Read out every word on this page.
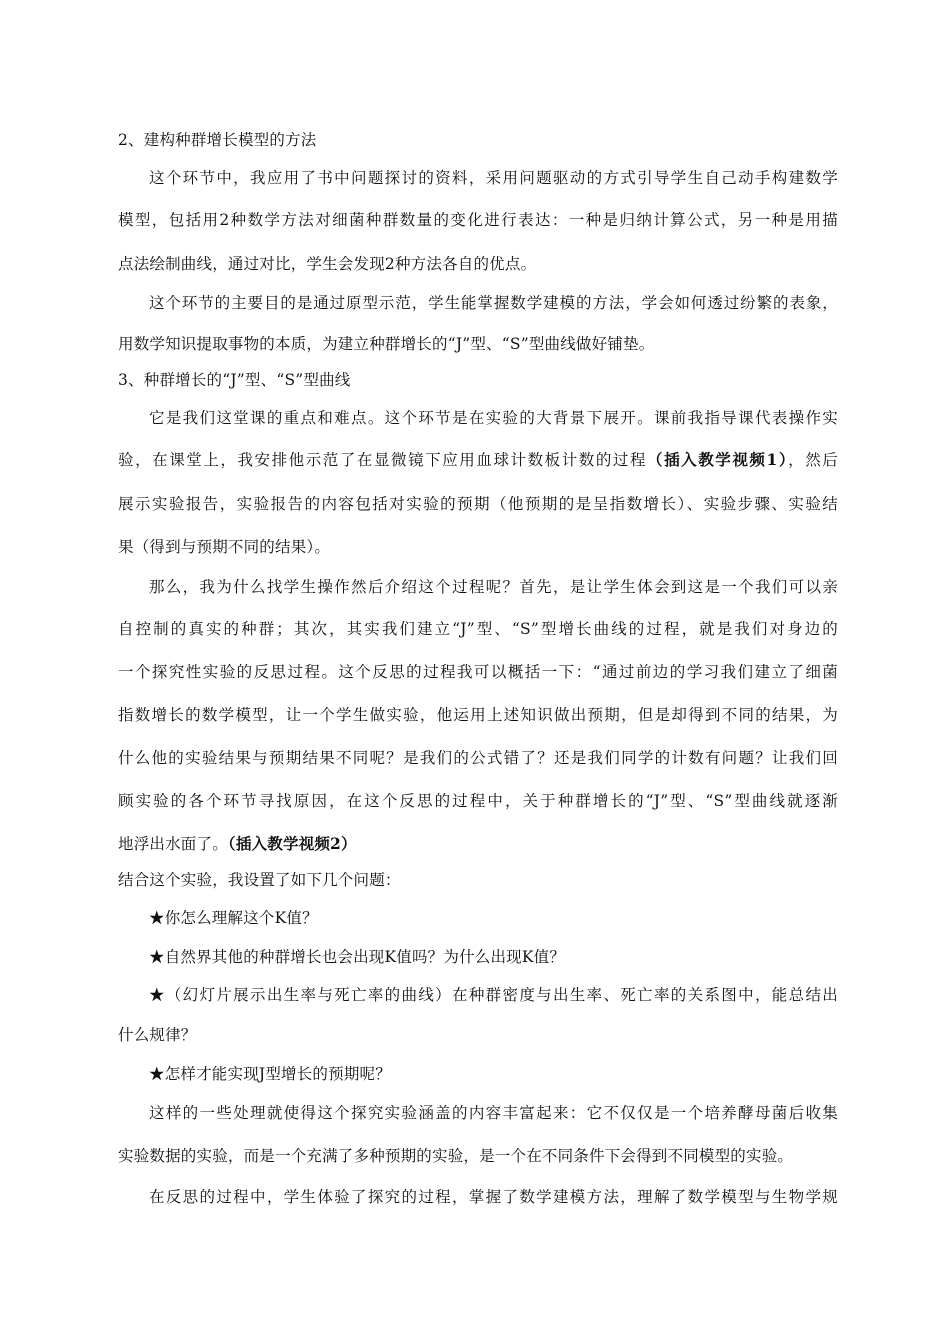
2、建构种群增长模型的方法
这个环节中，我应用了书中问题探讨的资料，采用问题驱动的方式引导学生自己动手构建数学
模型，包括用2种数学方法对细菌种群数量的变化进行表达：一种是归纳计算公式，另一种是用描
点法绘制曲线，通过对比，学生会发现2种方法各自的优点。
这个环节的主要目的是通过原型示范，学生能掌握数学建模的方法，学会如何透过纷繁的表象，
用数学知识提取事物的本质，为建立种群增长的“J”型、“S”型曲线做好铺垫。
3、种群增长的“J”型、“S”型曲线
它是我们这堂课的重点和难点。这个环节是在实验的大背景下展开。课前我指导课代表操作实
验，在课堂上，我安排他示范了在显微镜下应用血球计数板计数的过程（插入教学视频1），然后
展示实验报告，实验报告的内容包括对实验的预期（他预期的是呈指数增长）、实验步骤、实验结
果（得到与预期不同的结果）。
那么，我为什么找学生操作然后介绍这个过程呢？首先，是让学生体会到这是一个我们可以亲
自控制的真实的种群；其次，其实我们建立“J”型、“S”型增长曲线的过程，就是我们对身边的
一个探究性实验的反思过程。这个反思的过程我可以概括一下：“通过前边的学习我们建立了细菌
指数增长的数学模型，让一个学生做实验，他运用上述知识做出预期，但是却得到不同的结果，为
什么他的实验结果与预期结果不同呢？是我们的公式错了？还是我们同学的计数有问题？让我们回
顾实验的各个环节寻找原因，在这个反思的过程中，关于种群增长的“J”型、“S”型曲线就逐渐
地浮出水面了。（插入教学视频2）
结合这个实验，我设置了如下几个问题：
★你怎么理解这个K值？
★自然界其他的种群增长也会出现K值吗？为什么出现K值？
★（幻灯片展示出生率与死亡率的曲线）在种群密度与出生率、死亡率的关系图中，能总结出
什么规律？
★怎样才能实现J型增长的预期呢？
这样的一些处理就使得这个探究实验涵盖的内容丰富起来：它不仅仅是一个培养酵母菌后收集
实验数据的实验，而是一个充满了多种预期的实验，是一个在不同条件下会得到不同模型的实验。
在反思的过程中，学生体验了探究的过程，掌握了数学建模方法，理解了数学模型与生物学规
